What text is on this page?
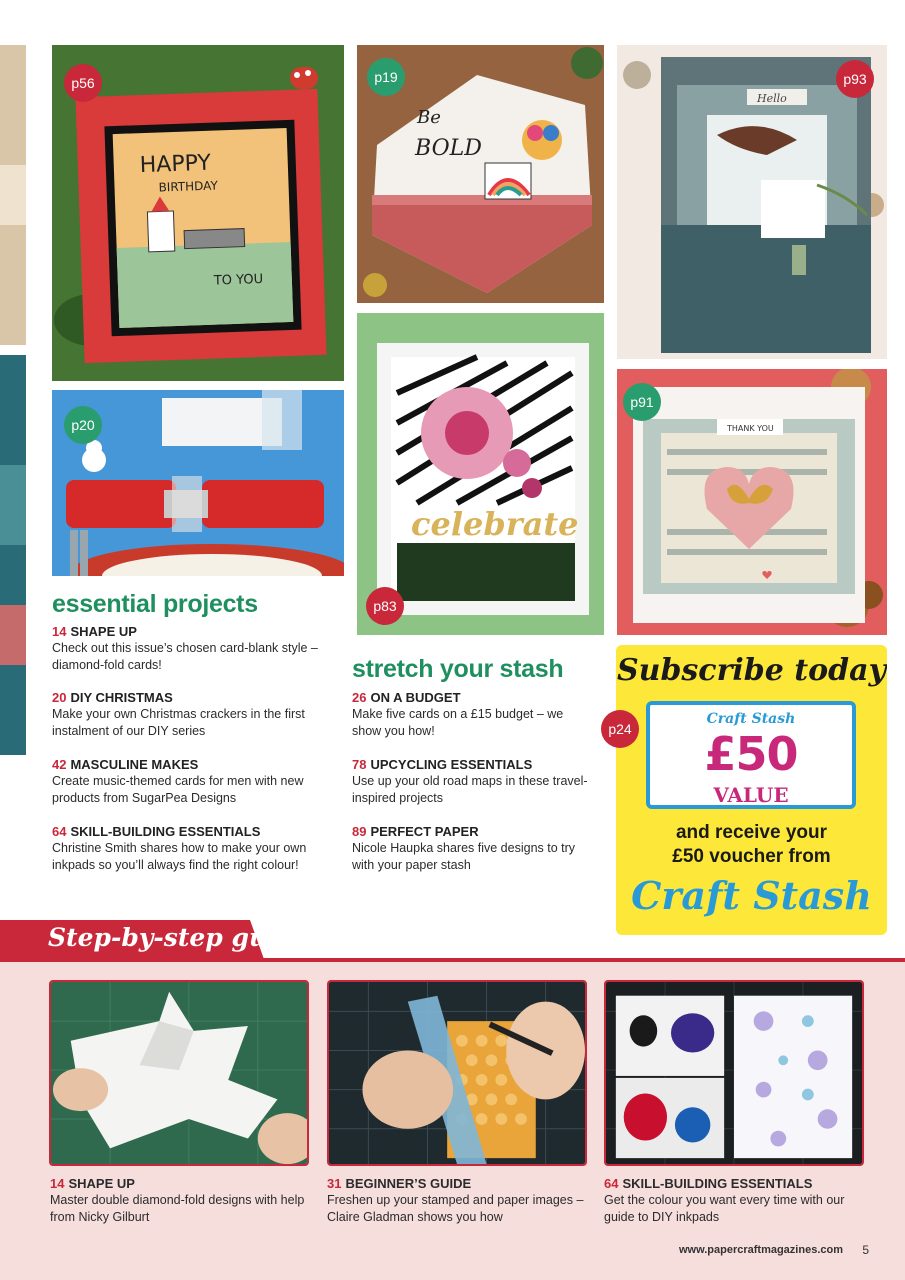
HAPPY
BIRTHDAY
TO YOU
p56
Be
BOLD
p19
Hello
p93
p20
celebrate
p83
THANK YOU
p91
essential projects
14 SHAPE UP
Check out this issue’s chosen card-blank style – diamond-fold cards!
20 DIY CHRISTMAS
Make your own Christmas crackers in the first instalment of our DIY series
42 MASCULINE MAKES
Create music-themed cards for men with new products from SugarPea Designs
64 SKILL-BUILDING ESSENTIALS
Christine Smith shares how to make your own inkpads so you’ll always find the right colour!
stretch your stash
26 ON A BUDGET
Make five cards on a £15 budget – we show you how!
78 UPCYCLING ESSENTIALS
Use up your old road maps in these travel-inspired projects
89 PERFECT PAPER
Nicole Haupka shares five designs to try with your paper stash
p24
Subscribe today
Craft Stash
£50
VALUE
and receive your
£50 voucher from
Craft Stash
Step-by-step guides
14 SHAPE UP
Master double diamond-fold designs with help from Nicky Gilburt
31 BEGINNER’S GUIDE
Freshen up your stamped and paper images – Claire Gladman shows you how
64 SKILL-BUILDING ESSENTIALS
Get the colour you want every time with our guide to DIY inkpads
www.papercraftmagazines.com 5
